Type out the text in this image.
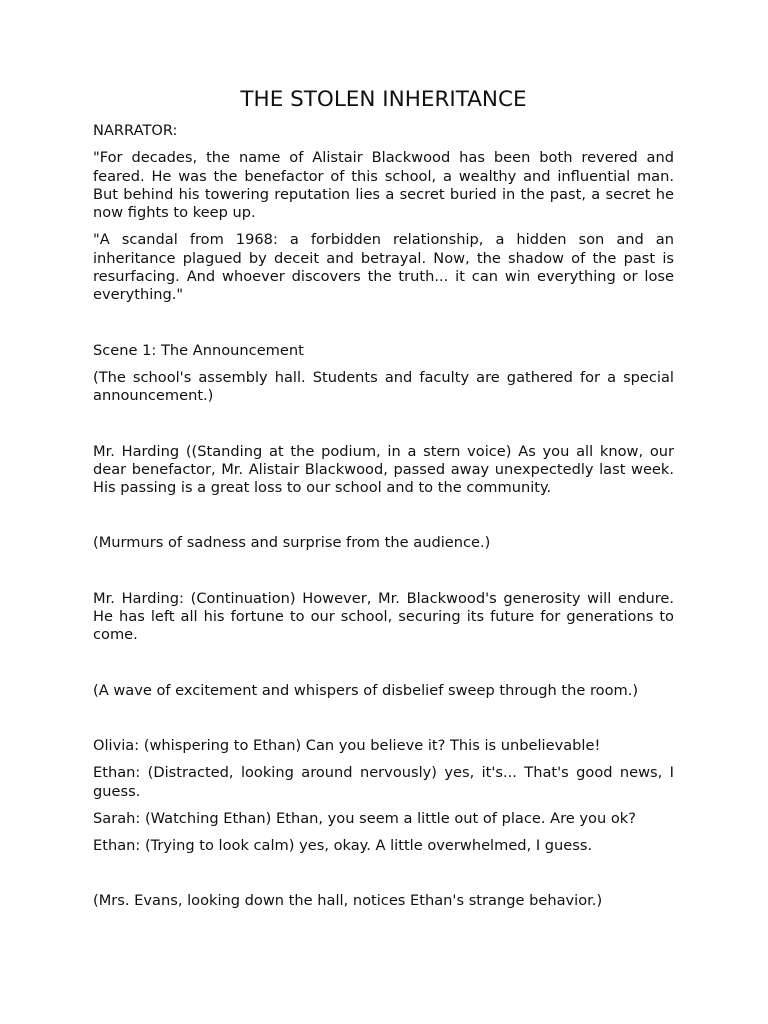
THE STOLEN INHERITANCE

NARRATOR:

"For decades, the name of Alistair Blackwood has been both revered and feared. He was the benefactor of this school, a wealthy and influential man. But behind his towering reputation lies a secret buried in the past, a secret he now fights to keep up.

"A scandal from 1968: a forbidden relationship, a hidden son and an inheritance plagued by deceit and betrayal. Now, the shadow of the past is resurfacing. And whoever discovers the truth... it can win everything or lose everything."

Scene 1: The Announcement

(The school's assembly hall. Students and faculty are gathered for a special announcement.)

Mr. Harding ((Standing at the podium, in a stern voice) As you all know, our dear benefactor, Mr. Alistair Blackwood, passed away unexpectedly last week. His passing is a great loss to our school and to the community.

(Murmurs of sadness and surprise from the audience.)

Mr. Harding: (Continuation) However, Mr. Blackwood's generosity will endure. He has left all his fortune to our school, securing its future for generations to come.

(A wave of excitement and whispers of disbelief sweep through the room.)

Olivia: (whispering to Ethan) Can you believe it? This is unbelievable!

Ethan: (Distracted, looking around nervously) yes, it's... That's good news, I guess.

Sarah: (Watching Ethan) Ethan, you seem a little out of place. Are you ok?

Ethan: (Trying to look calm) yes, okay. A little overwhelmed, I guess.

(Mrs. Evans, looking down the hall, notices Ethan's strange behavior.)
